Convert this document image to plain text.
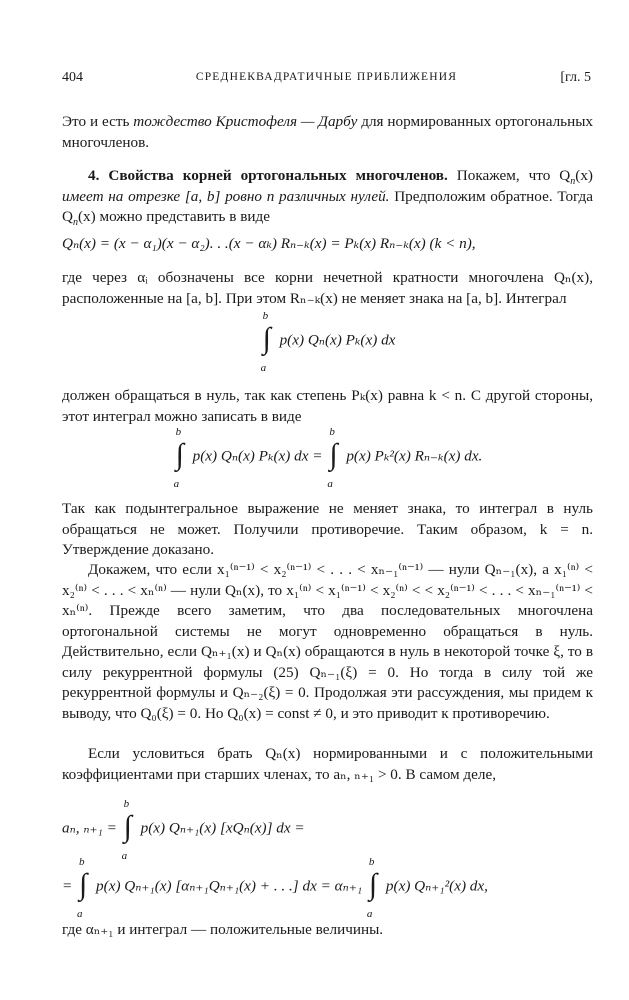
404	СРЕДНЕКВАДРАТИЧНЫЕ ПРИБЛИЖЕНИЯ	[гл. 5
Это и есть тождество Кристофеля — Дарбу для нормированных ортогональных многочленов.
4. Свойства корней ортогональных многочленов. Покажем, что $Q_n(x)$ имеет на отрезке [a, b] ровно n различных нулей. Предположим обратное. Тогда $Q_n(x)$ можно представить в виде
Qₙ(x) = (x − α₁)(x − α₂). . .(x − αₖ) Rₙ₋ₖ(x) = Pₖ(x) Rₙ₋ₖ(x) (k < n),
где через αᵢ обозначены все корни нечетной кратности многочлена Qₙ(x), расположенные на [a, b]. При этом Rₙ₋ₖ(x) не меняет знака на [a, b]. Интеграл
b
∫
a
p(x) Qₙ(x) Pₖ(x) dx
должен обращаться в нуль, так как степень Pₖ(x) равна k < n. С другой стороны, этот интеграл можно записать в виде
b
∫
a
p(x) Qₙ(x) Pₖ(x) dx =
b
∫
a
p(x) Pₖ²(x) Rₙ₋ₖ(x) dx.
Так как подынтегральное выражение не меняет знака, то интеграл в нуль обращаться не может. Получили противоречие. Таким образом, k = n. Утверждение доказано.
Докажем, что если x₁⁽ⁿ⁻¹⁾ < x₂⁽ⁿ⁻¹⁾ < . . . < xₙ₋₁⁽ⁿ⁻¹⁾ — нули Qₙ₋₁(x), а x₁⁽ⁿ⁾ < x₂⁽ⁿ⁾ < . . . < xₙ⁽ⁿ⁾ — нули Qₙ(x), то x₁⁽ⁿ⁾ < x₁⁽ⁿ⁻¹⁾ < x₂⁽ⁿ⁾ < < x₂⁽ⁿ⁻¹⁾ < . . . < xₙ₋₁⁽ⁿ⁻¹⁾ < xₙ⁽ⁿ⁾. Прежде всего заметим, что два последовательных многочлена ортогональной системы не могут одновременно обращаться в нуль. Действительно, если Qₙ₊₁(x) и Qₙ(x) обращаются в нуль в некоторой точке ξ, то в силу рекуррентной формулы (25) Qₙ₋₁(ξ) = 0. Но тогда в силу той же рекуррентной формулы и Qₙ₋₂(ξ) = 0. Продолжая эти рассуждения, мы придем к выводу, что Q₀(ξ) = 0. Но Q₀(x) = const ≠ 0, и это приводит к противоречию.
Если условиться брать Qₙ(x) нормированными и с положительными коэффициентами при старших членах, то aₙ, ₙ₊₁ > 0. В самом деле,
aₙ, ₙ₊₁ =
b
∫
a
p(x) Qₙ₊₁(x) [xQₙ(x)] dx =
=
b
∫
a
p(x) Qₙ₊₁(x) [αₙ₊₁Qₙ₊₁(x) + . . .] dx = αₙ₊₁
b
∫
a
p(x) Qₙ₊₁²(x) dx,
где αₙ₊₁ и интеграл — положительные величины.
